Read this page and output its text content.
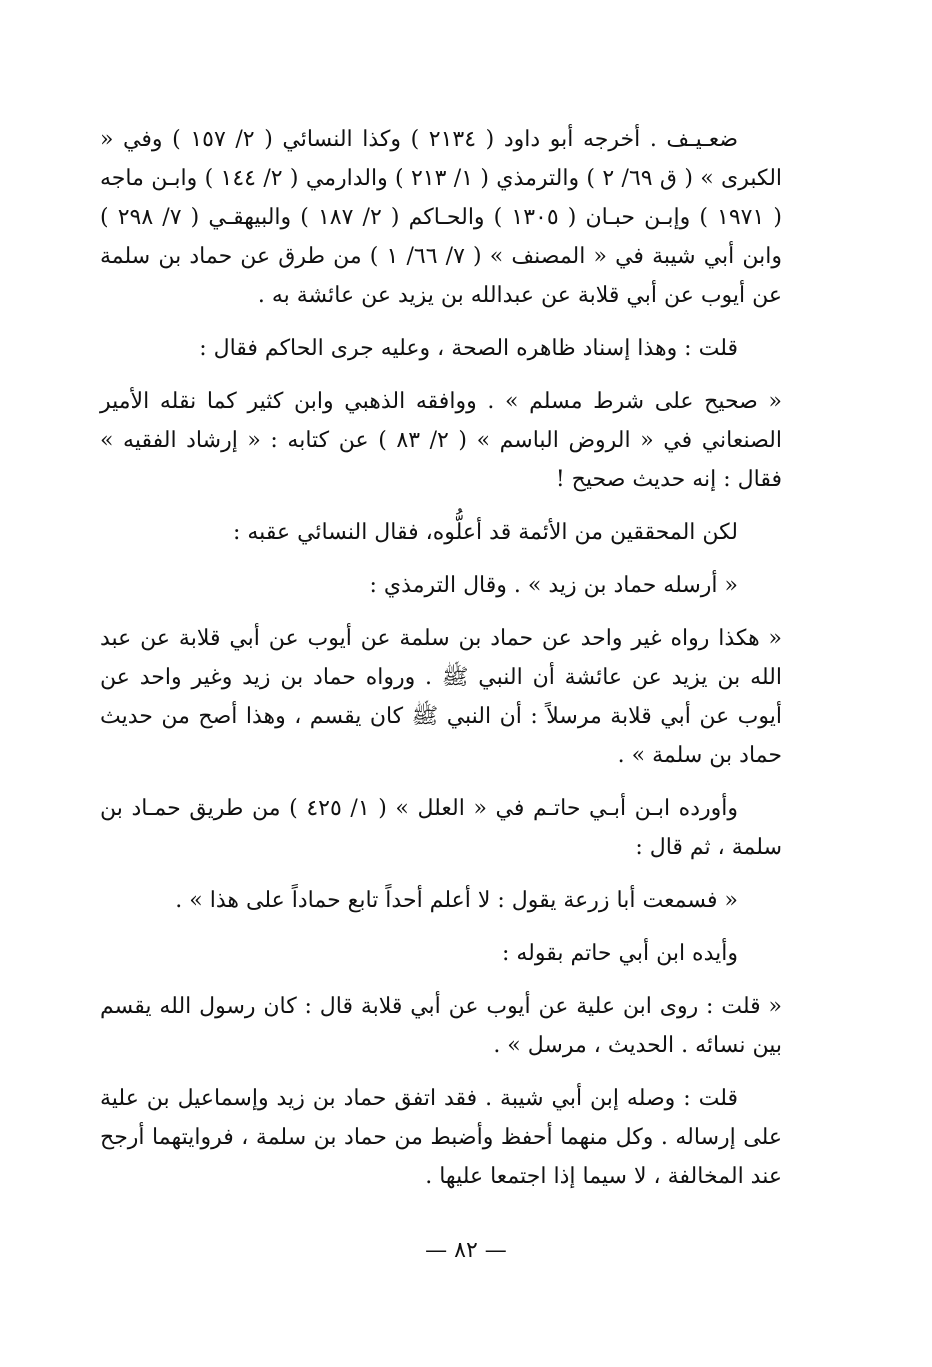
ضعـيـف . أخرجه أبو داود ( ٢١٣٤ ) وكذا النسائي ( ٢/ ١٥٧ ) وفي « الكبرى » ( ق ٦٩/ ٢ ) والترمذي ( ١/ ٢١٣ ) والدارمي ( ٢/ ١٤٤ ) وابـن ماجه ( ١٩٧١ ) وإبـن حبـان ( ١٣٠٥ ) والحـاكم ( ٢/ ١٨٧ ) والبيهقـي ( ٧/ ٢٩٨ ) وابن أبي شيبة في « المصنف » ( ٧/ ٦٦/ ١ ) من طرق عن حماد بن سلمة عن أيوب عن أبي قلابة عن عبدالله بن يزيد عن عائشة به .

قلت : وهذا إسناد ظاهره الصحة ، وعليه جرى الحاكم فقال :

« صحيح على شرط مسلم » . ووافقه الذهبي وابن كثير كما نقله الأمير الصنعاني في « الروض الباسم » ( ٢/ ٨٣ ) عن كتابه : « إرشاد الفقيه » فقال : إنه حديث صحيح !

لكن المحققين من الأئمة قد أعلُّوه، فقال النسائي عقبه :

« أرسله حماد بن زيد » . وقال الترمذي :

« هكذا رواه غير واحد عن حماد بن سلمة عن أيوب عن أبي قلابة عن عبد الله بن يزيد عن عائشة أن النبي ﷺ . ورواه حماد بن زيد وغير واحد عن أيوب عن أبي قلابة مرسلاً : أن النبي ﷺ كان يقسم ، وهذا أصح من حديث حماد بن سلمة » .

وأورده ابـن أبـي حاتـم في « العلل » ( ١/ ٤٢٥ ) من طريق حمـاد بن سلمة ، ثم قال :

« فسمعت أبا زرعة يقول : لا أعلم أحداً تابع حماداً على هذا » .

وأيده ابن أبي حاتم بقوله :

« قلت : روى ابن علية عن أيوب عن أبي قلابة قال : كان رسول الله يقسم بين نسائه . الحديث ، مرسل » .

قلت : وصله إبن أبي شيبة . فقد اتفق حماد بن زيد وإسماعيل بن علية على إرساله . وكل منهما أحفظ وأضبط من حماد بن سلمة ، فروايتهما أرجح عند المخالفة ، لا سيما إذا اجتمعا عليها .

— ٨٢ —
